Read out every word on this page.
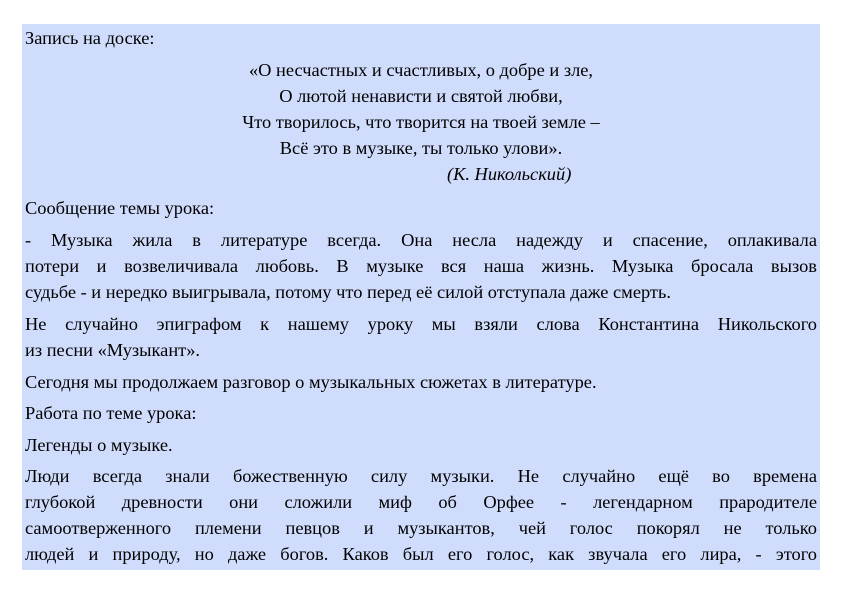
Запись на доске:
«О несчастных и счастливых, о добре и зле,
О лютой ненависти и святой любви,
Что творилось, что творится на твоей земле –
Всё это в музыке, ты только улови».
(К. Никольский)
Сообщение темы урока:
- Музыка жила в литературе всегда. Она несла надежду и спасение, оплакивала
потери и возвеличивала любовь. В музыке вся наша жизнь. Музыка бросала вызов
судьбе - и нередко выигрывала, потому что перед её силой отступала даже смерть.
Не случайно эпиграфом к нашему уроку мы взяли слова Константина Никольского
из песни «Музыкант».
Сегодня мы продолжаем разговор о музыкальных сюжетах в литературе.
Работа по теме урока:
Легенды о музыке.
Люди всегда знали божественную силу музыки. Не случайно ещё во времена
глубокой древности они сложили миф об Орфее - легендарном прародителе
самоотверженного племени певцов и музыкантов, чей голос покорял не только
людей и природу, но даже богов. Каков был его голос, как звучала его лира, - этого
